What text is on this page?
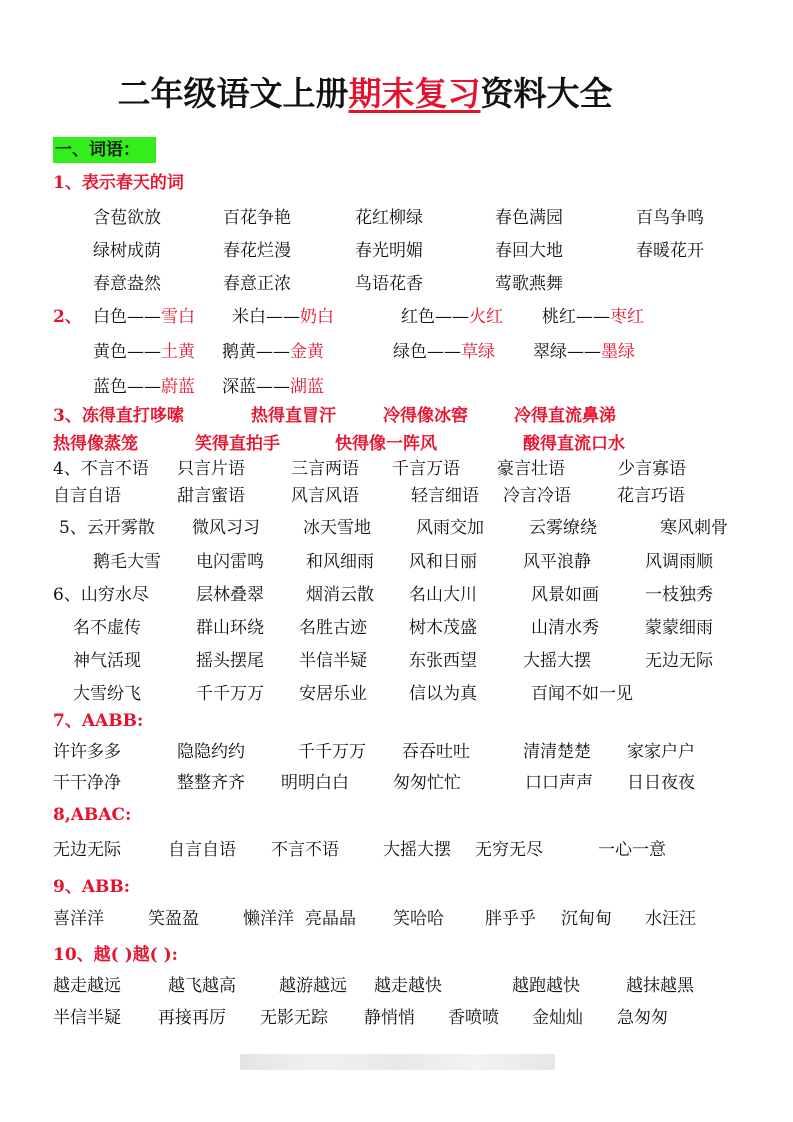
二年级语文上册期末复习资料大全
一、词语：
1、表示春天的词
含苞欲放	百花争艳	花红柳绿	春色满园	百鸟争鸣
绿树成荫	春花烂漫	春光明媚	春回大地	春暖花开
春意盎然	春意正浓	鸟语花香	莺歌燕舞
2、 白色——雪白 米白——奶白	红色——火红 桃红——枣红
黄色——土黄 鹅黄——金黄	绿色——草绿 翠绿——墨绿
蓝色——蔚蓝 深蓝——湖蓝
3、冻得直打哆嗦	热得直冒汗	冷得像冰窖	冷得直流鼻涕
热得像蒸笼	笑得直拍手	快得像一阵风	酸得直流口水
4、不言不语 只言片语	三言两语 千言万语 豪言壮语	少言寡语
自言自语	甜言蜜语	风言风语	轻言细语 冷言冷语	花言巧语
5、云开雾散 微风习习	冰天雪地	风雨交加	云雾缭绕	寒风刺骨
鹅毛大雪 电闪雷鸣 和风细雨 风和日丽	风平浪静	风调雨顺
6、山穷水尽	层林叠翠 烟消云散 名山大川	风景如画	一枝独秀
名不虚传	群山环绕 名胜古迹 树木茂盛	山清水秀	蒙蒙细雨
神气活现	摇头摆尾 半信半疑 东张西望	大摇大摆	无边无际
大雪纷飞	千千万万 安居乐业 信以为真	百闻不如一见
7、AABB:
许许多多	隐隐约约	千千万万 吞吞吐吐	清清楚楚 家家户户
干干净净	整整齐齐 明明白白	匆匆忙忙	口口声声 日日夜夜
8,ABAC:
无边无际	自言自语 不言不语	大摇大摆 无穷无尽	一心一意
9、ABB:
喜洋洋	笑盈盈	懒洋洋 亮晶晶 笑哈哈 胖乎乎 沉甸甸 水汪汪
10、越( )越( ):
越走越远	越飞越高	越游越远 越走越快	越跑越快	越抹越黑
半信半疑 再接再厉 无影无踪 静悄悄 香喷喷 金灿灿 急匆匆
